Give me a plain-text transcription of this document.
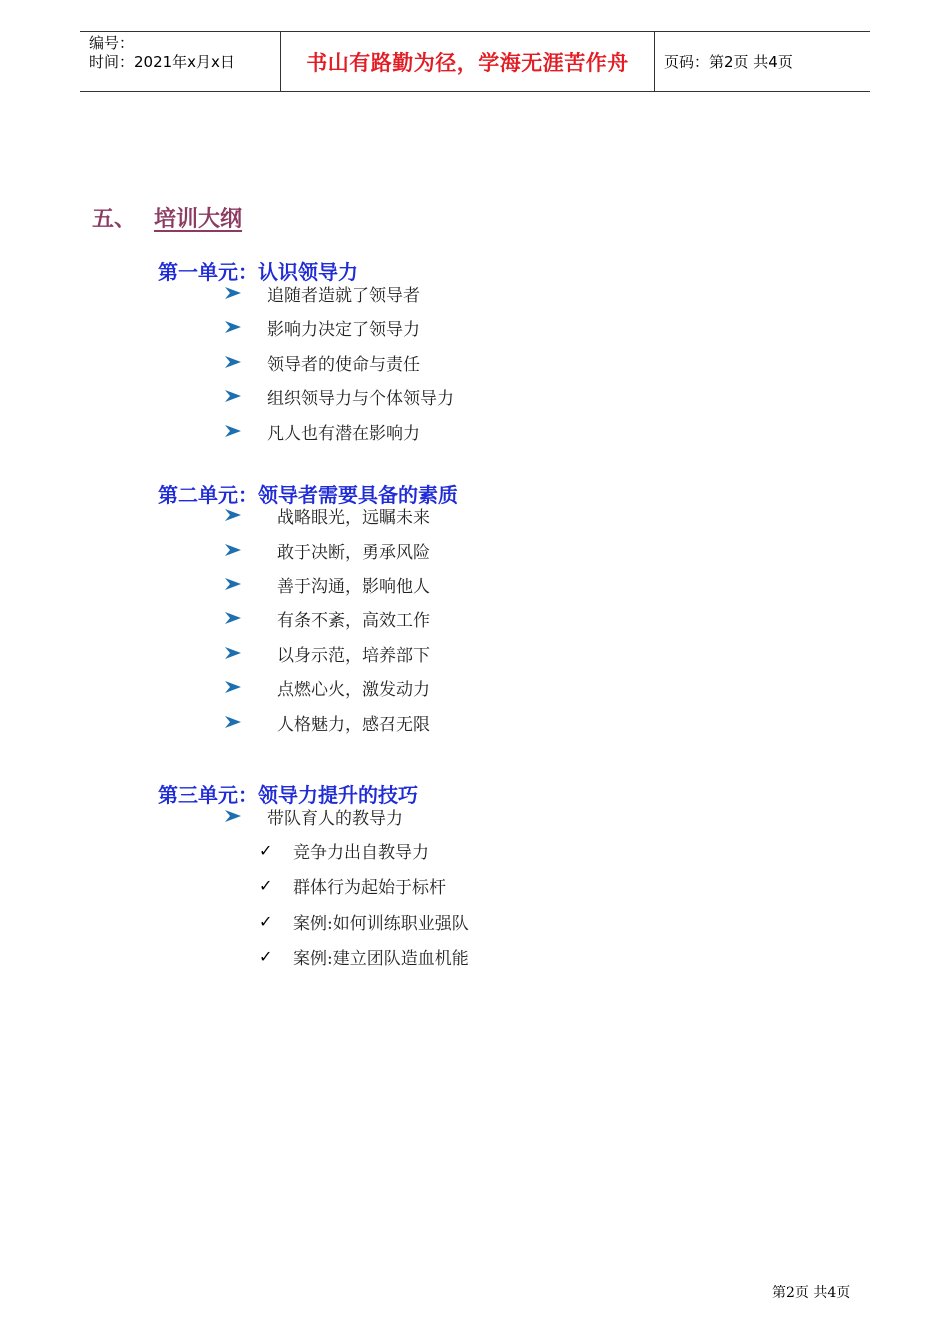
编号：
时间：2021年x月x日	书山有路勤为径，学海无涯苦作舟	页码：第2页 共4页
五、 培训大纲
第一单元：认识领导力
追随者造就了领导者
影响力决定了领导力
领导者的使命与责任
组织领导力与个体领导力
凡人也有潜在影响力
第二单元：领导者需要具备的素质
战略眼光，远瞩未来
敢于决断，勇承风险
善于沟通，影响他人
有条不紊，高效工作
以身示范，培养部下
点燃心火，激发动力
人格魅力，感召无限
第三单元：领导力提升的技巧
带队育人的教导力
✓ 竞争力出自教导力
✓ 群体行为起始于标杆
✓ 案例:如何训练职业强队
✓ 案例:建立团队造血机能
第2页 共4页
